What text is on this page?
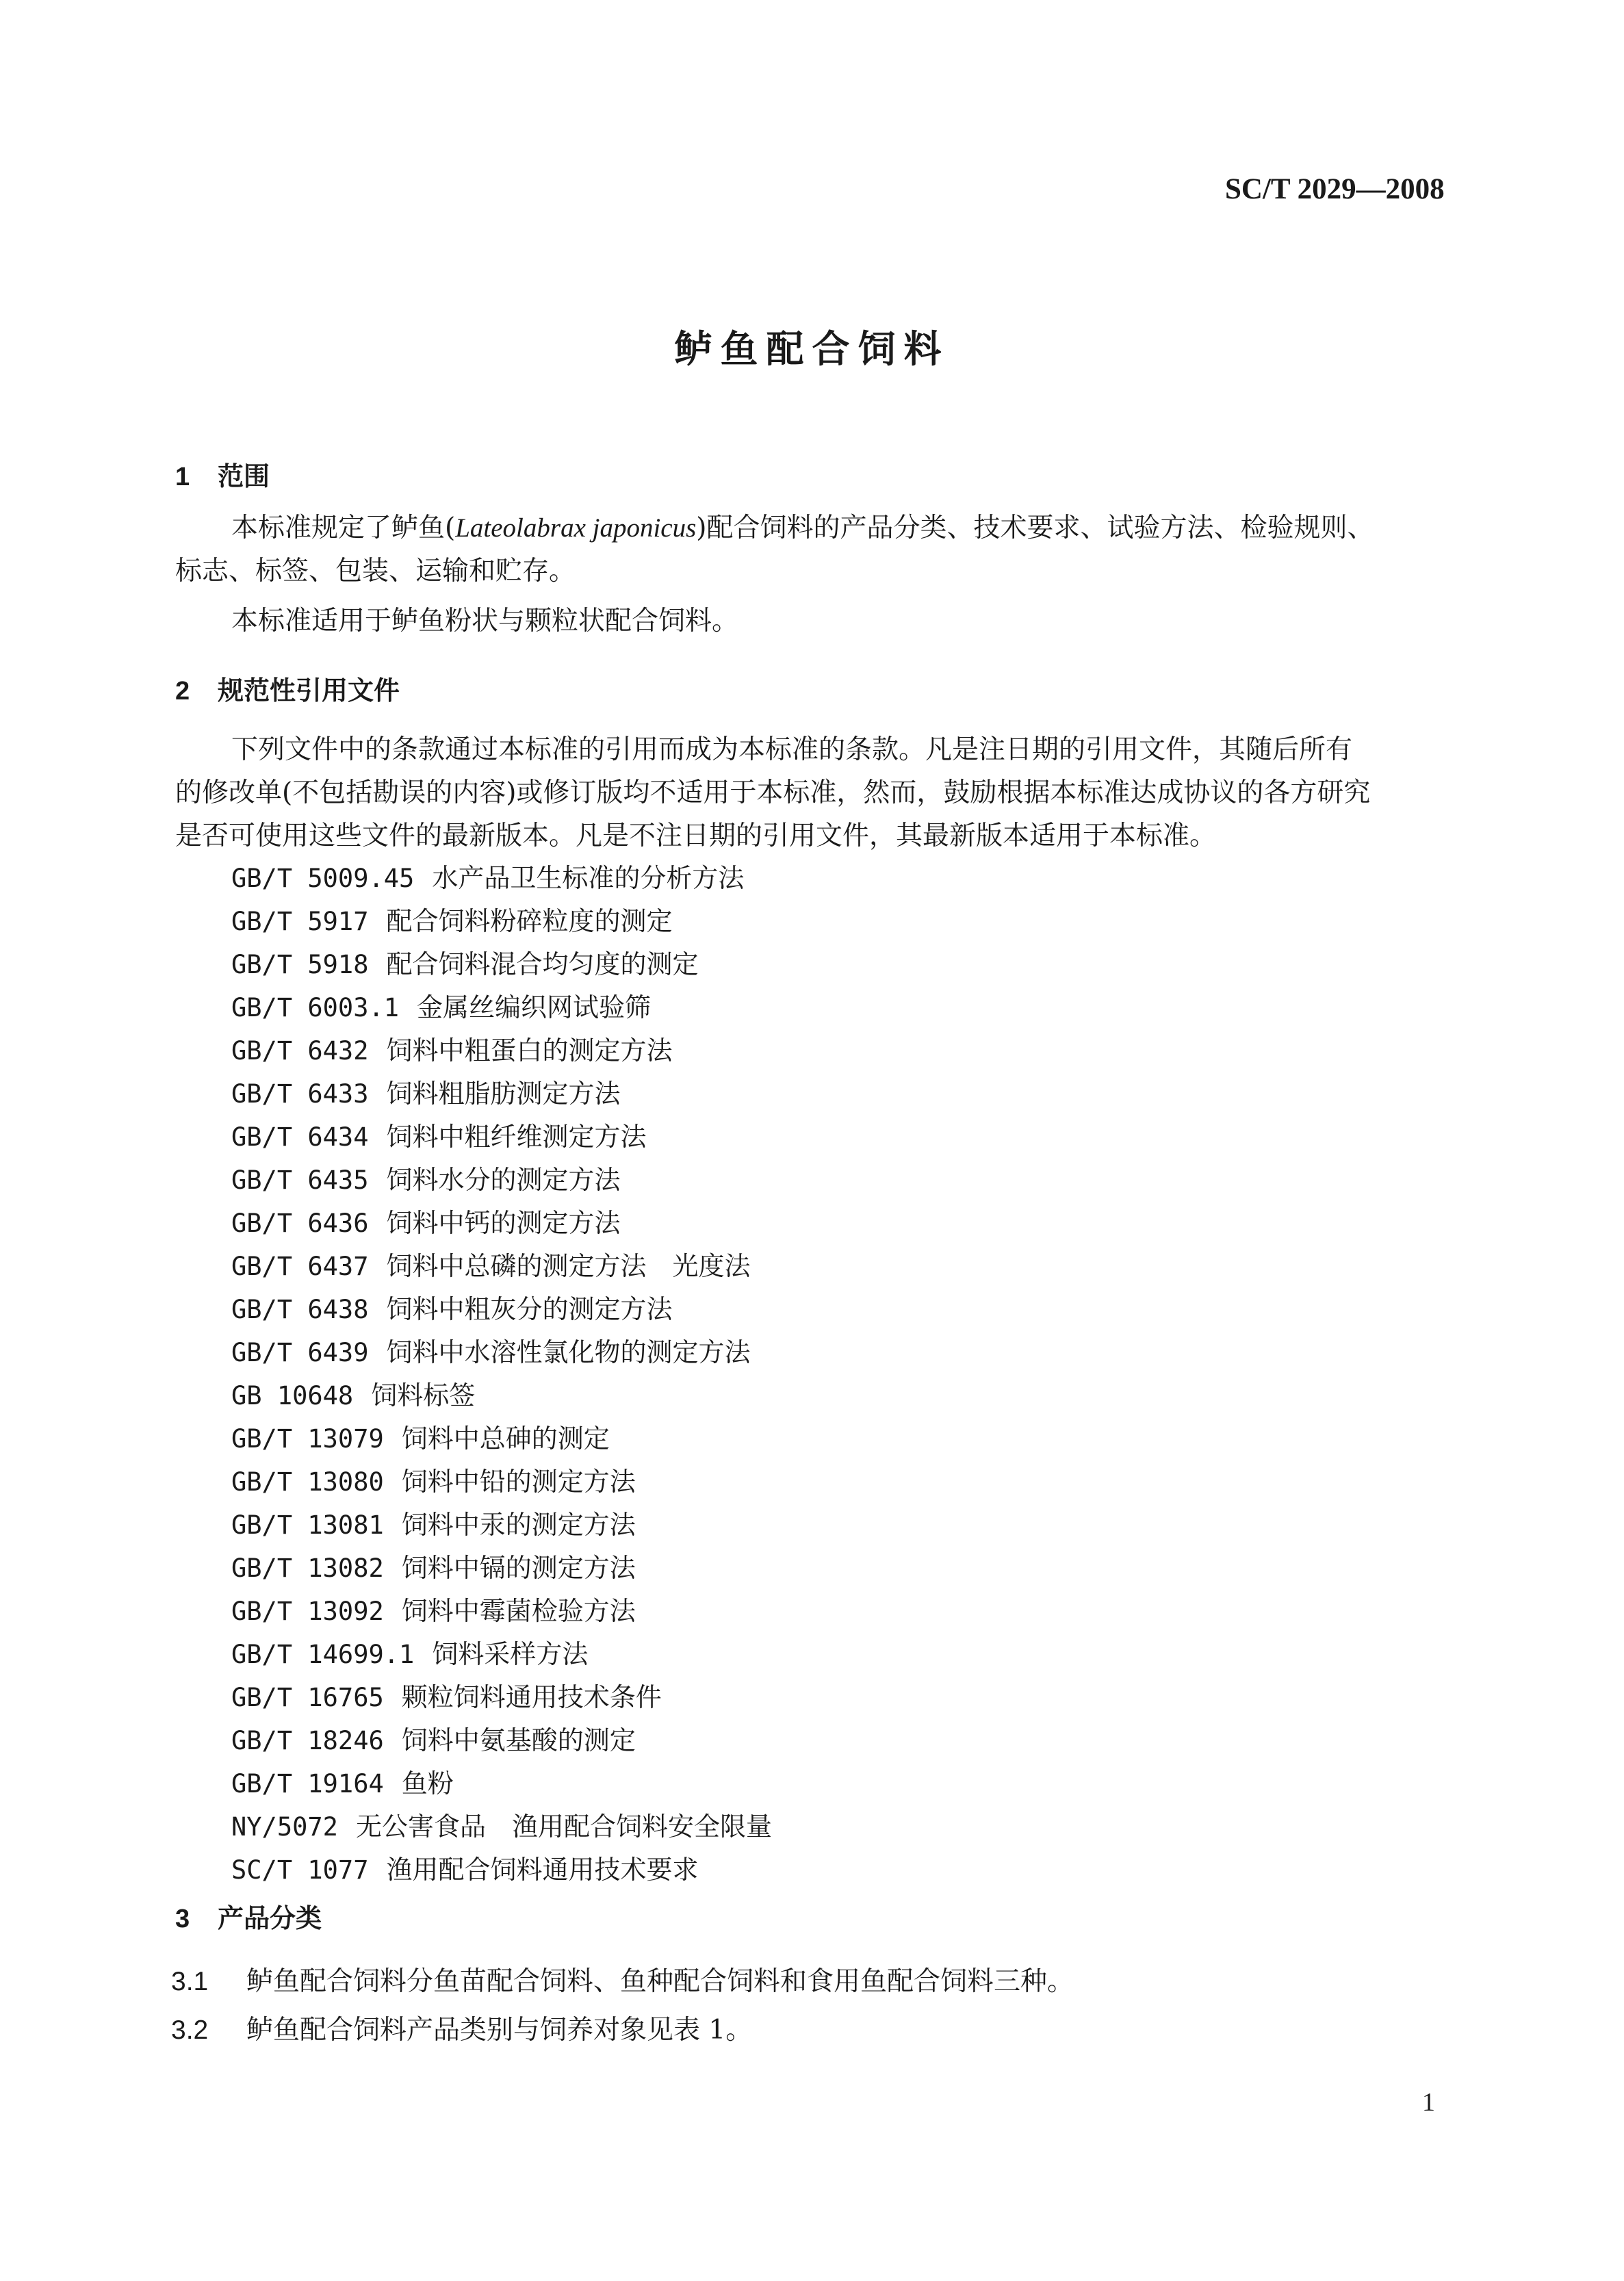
SC/T 2029—2008
鲈鱼配合饲料
1 范围
本标准规定了鲈鱼(Lateolabrax japonicus)配合饲料的产品分类、技术要求、试验方法、检验规则、
标志、标签、包装、运输和贮存。
本标准适用于鲈鱼粉状与颗粒状配合饲料。
2 规范性引用文件
下列文件中的条款通过本标准的引用而成为本标准的条款。凡是注日期的引用文件，其随后所有
的修改单(不包括勘误的内容)或修订版均不适用于本标准，然而，鼓励根据本标准达成协议的各方研究
是否可使用这些文件的最新版本。凡是不注日期的引用文件，其最新版本适用于本标准。
GB/T 5009.45 水产品卫生标准的分析方法
GB/T 5917 配合饲料粉碎粒度的测定
GB/T 5918 配合饲料混合均匀度的测定
GB/T 6003.1 金属丝编织网试验筛
GB/T 6432 饲料中粗蛋白的测定方法
GB/T 6433 饲料粗脂肪测定方法
GB/T 6434 饲料中粗纤维测定方法
GB/T 6435 饲料水分的测定方法
GB/T 6436 饲料中钙的测定方法
GB/T 6437 饲料中总磷的测定方法　光度法
GB/T 6438 饲料中粗灰分的测定方法
GB/T 6439 饲料中水溶性氯化物的测定方法
GB 10648 饲料标签
GB/T 13079 饲料中总砷的测定
GB/T 13080 饲料中铅的测定方法
GB/T 13081 饲料中汞的测定方法
GB/T 13082 饲料中镉的测定方法
GB/T 13092 饲料中霉菌检验方法
GB/T 14699.1 饲料采样方法
GB/T 16765 颗粒饲料通用技术条件
GB/T 18246 饲料中氨基酸的测定
GB/T 19164 鱼粉
NY/5072 无公害食品　渔用配合饲料安全限量
SC/T 1077 渔用配合饲料通用技术要求
3 产品分类
3.1 鲈鱼配合饲料分鱼苗配合饲料、鱼种配合饲料和食用鱼配合饲料三种。
3.2 鲈鱼配合饲料产品类别与饲养对象见表 1。
1
